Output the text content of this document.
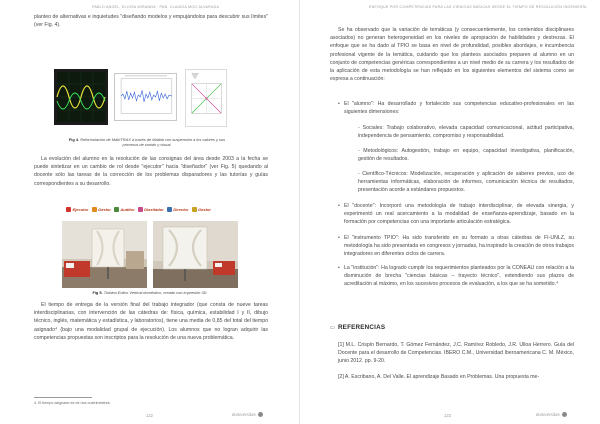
PABLO ANGEL, ELOISA MIRANDA · PAB. CLAUDIA MOO ALVARADA
planteo de alternativas e inquietudes "diseñando modelos y empujándolos para descubrir sus límites" (ver Fig. 4).
Fig 4. Reformulación de MathTRAX a través de Matlab con suspensión a los valores y sus procesos de sonido y visual.
La evolución del alumno en la resolución de las consignas del área desde 2003 a la fecha se puede sintetizar en un cambio de rol desde "ejecutor" hacia "diseñador" (ver Fig. 5) quedando al docente sólo las tareas de la corrección de los problemas disparadores y las tutorías y guías correspondientes a su desarrollo.
Ejecutor Gestor Auditor Diseñador Director Gestor
Fig 5. Turbina Eólico Vertical doméstico, creado con impresión 3D.
El tiempo de entrega de la versión final del trabajo integrador (que consta de nueve tareas interdisciplinarias, con intervención de las cátedras de: física, química, estabilidad I y II, dibujo técnico, inglés, matemática y estadística, y laboratorios), tiene una media de 0,85 del total del tiempo asignado⁴ (bajo una modalidad grupal de ejecución). Los alumnos que no logran adquirir las competencias propuestas son inscriptos para la resolución de una nueva problemática.
4. El tiempo asignado es de dos cuatrimestres.
122	Iluniversitas
ENFOQUE POR COMPETENCIAS PARA LAS CIENCIAS BÁSICAS DESDE EL TIEMPO DE RESOLUCIÓN INGENIERÍA
Se ha observado que la variación de temáticas (y consecuentemente, los contenidos disciplinares asociados) no generan heterogeneidad en los niveles de apropiación de habilidades y destrezas. El enfoque que se ha dado al TPIO se basa en nivel de profundidad, posibles abordajes, e incumbencia profesional vigente de la temática, cuidando que los planteos asociados preparen al alumno en un conjunto de competencias genéricas correspondientes a un nivel medio de su carrera y los resultados de la aplicación de esta metodología se han reflejado en los siguientes elementos del sistema como se expresa a continuación:
• El "alumno": Ha desarrollado y fortalecido sus competencias educativo-profesionales en las siguientes dimensiones:
- Sociales: Trabajo colaborativo, elevada capacidad comunicacional, actitud participativa, independencia de pensamiento, compromiso y responsabilidad.
- Metodológicos: Autogestión, trabajo en equipo, capacidad investigativa, planificación, gestión de resultados.
- Científico-Técnicos: Modelización, recuperación y aplicación de saberes previos, uso de herramientas informáticas, elaboración de informes, comunicación técnica de resultados, presentación acorde a estándares propuestos.
• El "docente": Incorporó una metodología de trabajo interdisciplinar, de elevada sinergia, y experimentó un real acercamiento a la modalidad de enseñanza-aprendizaje, basado en la formación por competencias con una importante articulación estratégica.
• El "instrumento TPIO": Ha sido transferido en su formato a otras cátedras de FI-UNLZ, su metodología ha sido presentada en congresos y jornadas, ha inspirado la creación de otros trabajos integradores en diferentes ciclos de carrera.
• La "institución": Ha logrado cumplir los requerimientos planteados por la CONEAU con relación a la disminución de brecha "ciencias básicas – trayecto técnico", extendiendo sus plazos de acreditación al máximo, en los sucesivos procesos de evaluación, a los que se ha sometido.⁴
▭ REFERENCIAS
[1] M.L. Crispín Bernardo, T. Gómez Fernández, J.C. Ramírez Robledo, J.R. Ulloa Herrero. Guía del Docente para el desarrollo de Competencias. IBERO C.M., Universidad Iberoamericana C. M. México, junio 2012. pp. 9-20.
[2] A. Escribano, A. Del Valle. El aprendizaje Basado en Problemas. Una propuesta me-
123	Iluniversitas
